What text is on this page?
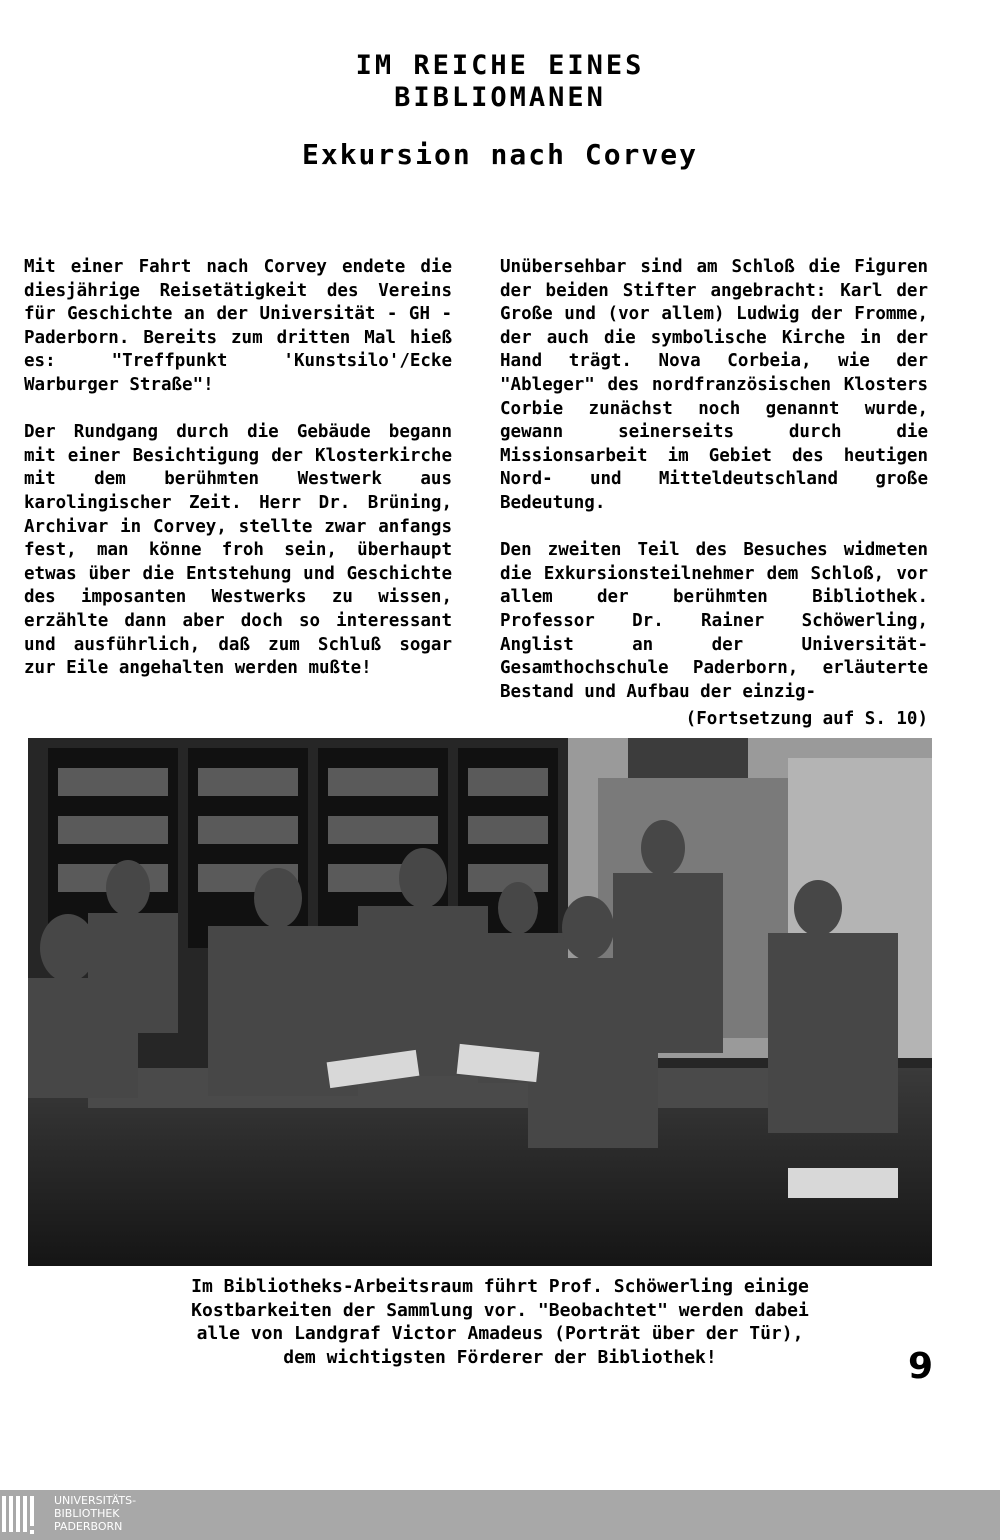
IM REICHE EINES
BIBLIOMANEN
Exkursion nach Corvey

Mit einer Fahrt nach Corvey endete die diesjährige Reisetätigkeit des Vereins für Geschichte an der Universität - GH - Paderborn. Bereits zum dritten Mal hieß es: "Treffpunkt 'Kunstsilo'/Ecke Warburger Straße"!

Der Rundgang durch die Gebäude begann mit einer Besichtigung der Klosterkirche mit dem berühmten Westwerk aus karolingischer Zeit. Herr Dr. Brüning, Archivar in Corvey, stellte zwar anfangs fest, man könne froh sein, überhaupt etwas über die Entstehung und Geschichte des imposanten Westwerks zu wissen, erzählte dann aber doch so interessant und ausführlich, daß zum Schluß sogar zur Eile angehalten werden mußte!

Unübersehbar sind am Schloß die Figuren der beiden Stifter angebracht: Karl der Große und (vor allem) Ludwig der Fromme, der auch die symbolische Kirche in der Hand trägt. Nova Corbeia, wie der "Ableger" des nordfranzösischen Klosters Corbie zunächst noch genannt wurde, gewann seinerseits durch die Missionsarbeit im Gebiet des heutigen Nord- und Mitteldeutschland große Bedeutung.

Den zweiten Teil des Besuches widmeten die Exkursionsteilnehmer dem Schloß, vor allem der berühmten Bibliothek. Professor Dr. Rainer Schöwerling, Anglist an der Universität-Gesamthochschule Paderborn, erläuterte Bestand und Aufbau der einzig-

(Fortsetzung auf S. 10)
Im Bibliotheks-Arbeitsraum führt Prof. Schöwerling einige
Kostbarkeiten der Sammlung vor. "Beobachtet" werden dabei
alle von Landgraf Victor Amadeus (Porträt über der Tür),
dem wichtigsten Förderer der Bibliothek!	9
UNIVERSITÄTS-
BIBLIOTHEK
PADERBORN
